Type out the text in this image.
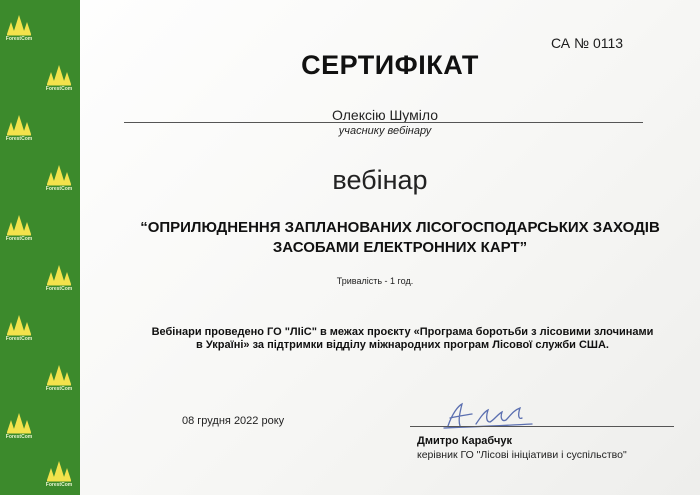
ForestCom
ForestCom
ForestCom
ForestCom
ForestCom
ForestCom
ForestCom
ForestCom
ForestCom
ForestCom
СА № 0113
СЕРТИФІКАТ
Олексію Шуміло
учаснику вебінару
вебінар
“ОПРИЛЮДНЕННЯ ЗАПЛАНОВАНИХ ЛІСОГОСПОДАРСЬКИХ ЗАХОДІВ
ЗАСОБАМИ ЕЛЕКТРОННИХ КАРТ”
Тривалість - 1 год.
Вебінари проведено ГО "ЛІіС" в межах проєкту «Програма боротьби з лісовими злочинами
в Україні» за підтримки відділу міжнародних програм Лісової служби США.
08 грудня 2022 року
Дмитро Карабчук
керівник ГО "Лісові ініціативи і суспільство"
